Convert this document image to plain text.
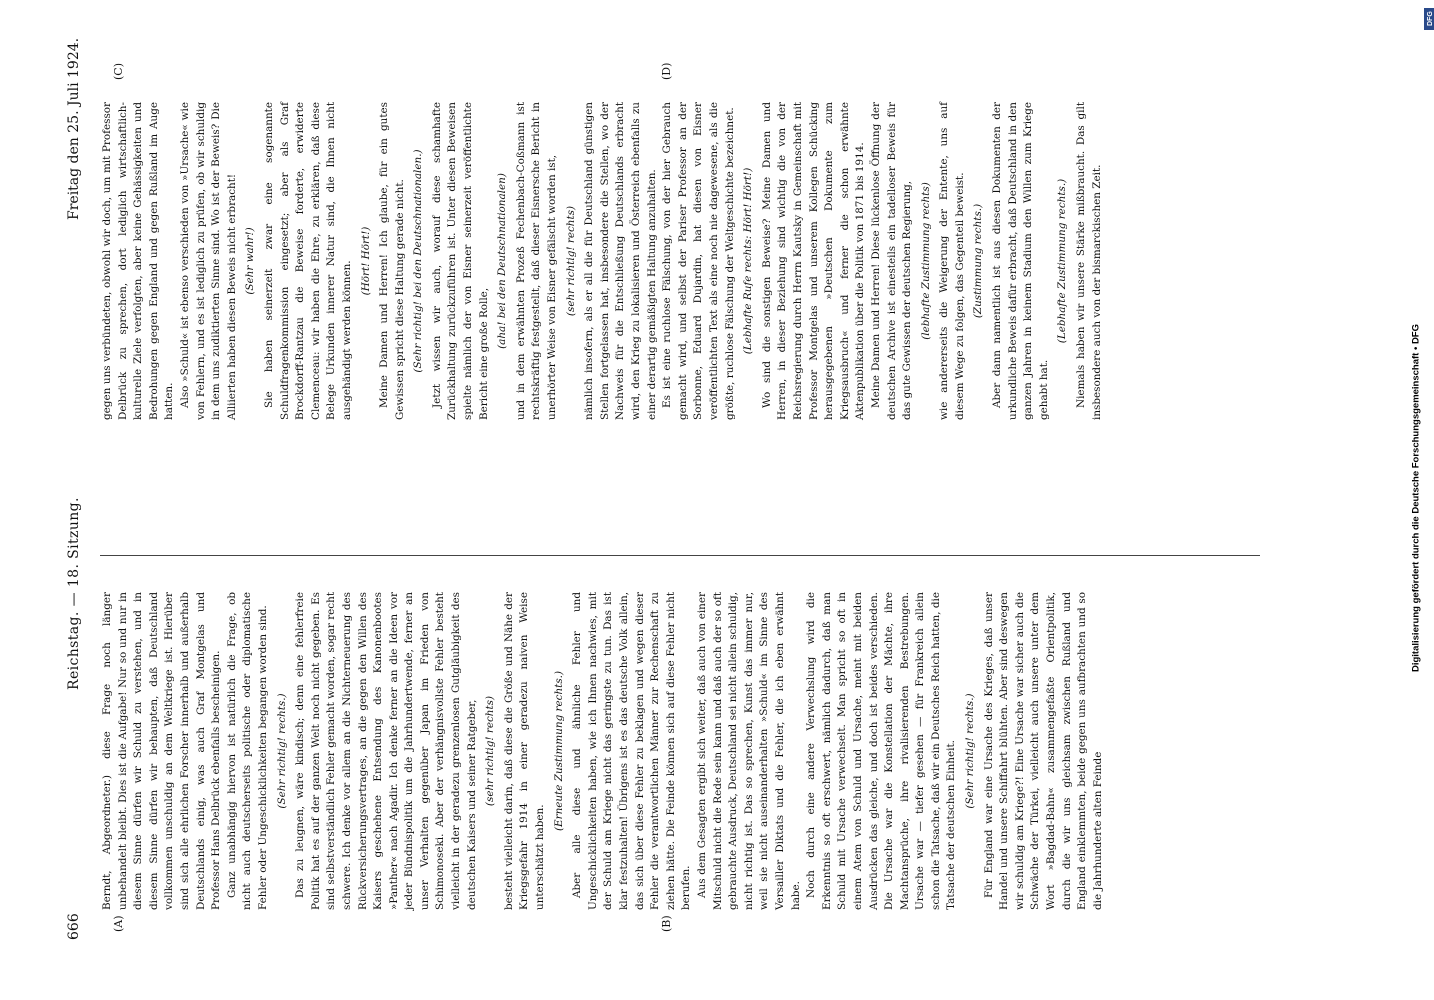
666
Reichstag. — 18. Sitzung.
Freitag den 25. Juli 1924.
(A)	(B)
(C)	(D)

Berndt, Abgeordneter.) diese Frage noch länger unbehandelt bleibt. Dies ist die Aufgabe! Nur so und nur in diesem Sinne dürfen wir Schuld zu verstehen, und in diesem Sinne dürfen wir behaupten, daß Deutschland vollkommen unschuldig an dem Weltkriege ist. Hierüber sind sich alle ehrlichen Forscher innerhalb und außerhalb Deutschlands einig, was auch Graf Montgelas und Professor Hans Delbrück ebenfalls bescheinigen. Ganz unabhängig hiervon ist natürlich die Frage, ob nicht auch deutscherseits politische oder diplomatische Fehler oder Ungeschicklichkeiten begangen worden sind. (Sehr richtig! rechts.) Das zu leugnen, wäre kindisch; denn eine fehlerfreie Politik hat es auf der ganzen Welt noch nicht gegeben. Es sind selbstverständlich Fehler gemacht worden, sogar recht schwere. Ich denke vor allem an die Nichterneuerung des Rückversicherungsvertrages, an die gegen den Willen des Kaisers geschehene Entsendung des Kanonenbootes »Panther« nach Agadir. Ich denke ferner an die Ideen vor jeder Bündnispolitik um die Jahrhundertwende, ferner an unser Verhalten gegenüber Japan im Frieden von Schimonoseki. Aber der verhängnisvollste Fehler besteht vielleicht in der geradezu grenzenlosen Gutgläubigkeit des deutschen Kaisers und seiner Ratgeber, (sehr richtig! rechts) besteht vielleicht darin, daß diese die Größe und Nähe der Kriegsgefahr 1914 in einer geradezu naiven Weise unterschätzt haben.

(Erneute Zustimmung rechts.) Aber alle diese und ähnliche Fehler und Ungeschicklichkeiten haben, wie ich Ihnen nachwies, mit der Schuld am Kriege nicht das geringste zu tun. Das ist klar festzuhalten! Übrigens ist es das deutsche Volk allein, das sich über diese Fehler zu beklagen und wegen dieser Fehler die verantwortlichen Männer zur Rechenschaft zu ziehen hätte. Die Feinde können sich auf diese Fehler nicht berufen. Aus dem Gesagten ergibt sich weiter, daß auch von einer Mitschuld nicht die Rede sein kann und daß auch der so oft gebrauchte Ausdruck, Deutschland sei nicht allein schuldig, nicht richtig ist. Das so sprechen, Kunst das immer nur, weil sie nicht auseinanderhalten »Schuld« im Sinne des Versailler Diktats und die Fehler, die ich eben erwähnt habe. Noch durch eine andere Verwechslung wird die Erkenntnis so oft erschwert, nämlich dadurch, daß man Schuld mit Ursache verwechselt. Man spricht so oft in einem Atem von Schuld und Ursache, meint mit beiden Ausdrücken das gleiche, und doch ist beides verschieden. Die Ursache war die Konstellation der Mächte, ihre Machtansprüche, ihre rivalisierenden Bestrebungen. Ursache war — tiefer gesehen — für Frankreich allein schon die Tatsache, daß wir ein Deutsches Reich hatten, die Tatsache der deutschen Einheit. (Sehr richtig! rechts.) Für England war eine Ursache des Krieges, daß unser Handel und unsere Schiffahrt blühten. Aber sind deswegen wir schuldig am Kriege?! Eine Ursache war sicher auch die Schwäche der Türkei, vielleicht auch unsere unter dem Wort »Bagdad-Bahn« zusammengefaßte Orientpolitik, durch die wir uns gleichsam zwischen Rußland und England einklemmten, beide gegen uns aufbrachten und so die Jahrhunderte alten Feinde

gegen uns verbündeten, obwohl wir doch, um mit Professor Delbrück zu sprechen, dort lediglich wirtschaftlich-kulturelle Ziele verfolgten, aber keine Gehässigkeiten und Bedrohungen gegen England und gegen Rußland im Auge hatten. Also »Schuld« ist ebenso verschieden von »Ursache« wie von Fehlern, und es ist lediglich zu prüfen, ob wir schuldig in dem uns zudiktierten Sinne sind. Wo ist der Beweis? Die Alliierten haben diesen Beweis nicht erbracht! (Sehr wahr!) Sie haben seinerzeit zwar eine sogenannte Schuldfragenkommission eingesetzt; aber als Graf Brockdorff-Rantzau die Beweise forderte, erwiderte Clemenceau: wir haben die Ehre, zu erklären, daß diese Belege Urkunden innerer Natur sind, die Ihnen nicht ausgehändigt werden können. (Hört! Hört!) Meine Damen und Herren! Ich glaube, für ein gutes Gewissen spricht diese Haltung gerade nicht. (Sehr richtig! bei den Deutschnationalen.) Jetzt wissen wir auch, worauf diese schamhafte Zurückhaltung zurückzuführen ist. Unter diesen Beweisen spielte nämlich der von Eisner seinerzeit veröffentlichte Bericht eine große Rolle,

(aha! bei den Deutschnationalen) und in dem erwähnten Prozeß Fechenbach-Coßmann ist rechtskräftig festgestellt, daß dieser Eisnersche Bericht in unerhörter Weise von Eisner gefälscht worden ist, (sehr richtig! rechts) nämlich insofern, als er all die für Deutschland günstigen Stellen fortgelassen hat, insbesondere die Stellen, wo der Nachweis für die Entschließung Deutschlands erbracht wird, den Krieg zu lokalisieren und Österreich ebenfalls zu einer derartig gemäßigten Haltung anzuhalten. Es ist eine ruchlose Fälschung, von der hier Gebrauch gemacht wird, und selbst der Pariser Professor an der Sorbonne, Eduard Dujardin, hat diesen von Eisner veröffentlichten Text als eine noch nie dagewesene, als die größte, ruchlose Fälschung der Weltgeschichte bezeichnet. (Lebhafte Rufe rechts: Hört! Hört!) Wo sind die sonstigen Beweise? Meine Damen und Herren, in dieser Beziehung sind wichtig die von der Reichsregierung durch Herrn Kautsky in Gemeinschaft mit Professor Montgelas und unserem Kollegen Schücking herausgegebenen »Deutschen Dokumente zum Kriegsausbruch« und ferner die schon erwähnte Aktenpublikation über die Politik von 1871 bis 1914. Meine Damen und Herren! Diese lückenlose Öffnung der deutschen Archive ist einesteils ein tadelloser Beweis für das gute Gewissen der deutschen Regierung, (lebhafte Zustimmung rechts) wie andererseits die Weigerung der Entente, uns auf diesem Wege zu folgen, das Gegenteil beweist. (Zustimmung rechts.) Aber dann namentlich ist aus diesen Dokumenten der urkundliche Beweis dafür erbracht, daß Deutschland in den ganzen Jahren in keinem Stadium den Willen zum Kriege gehabt hat.

(Lebhafte Zustimmung rechts.) Niemals haben wir unsere Stärke mißbraucht. Das gilt insbesondere auch von der bismarckischen Zeit.

DFG
Digitalisierung gefördert durch die Deutsche Forschungsgemeinschaft • DFG
